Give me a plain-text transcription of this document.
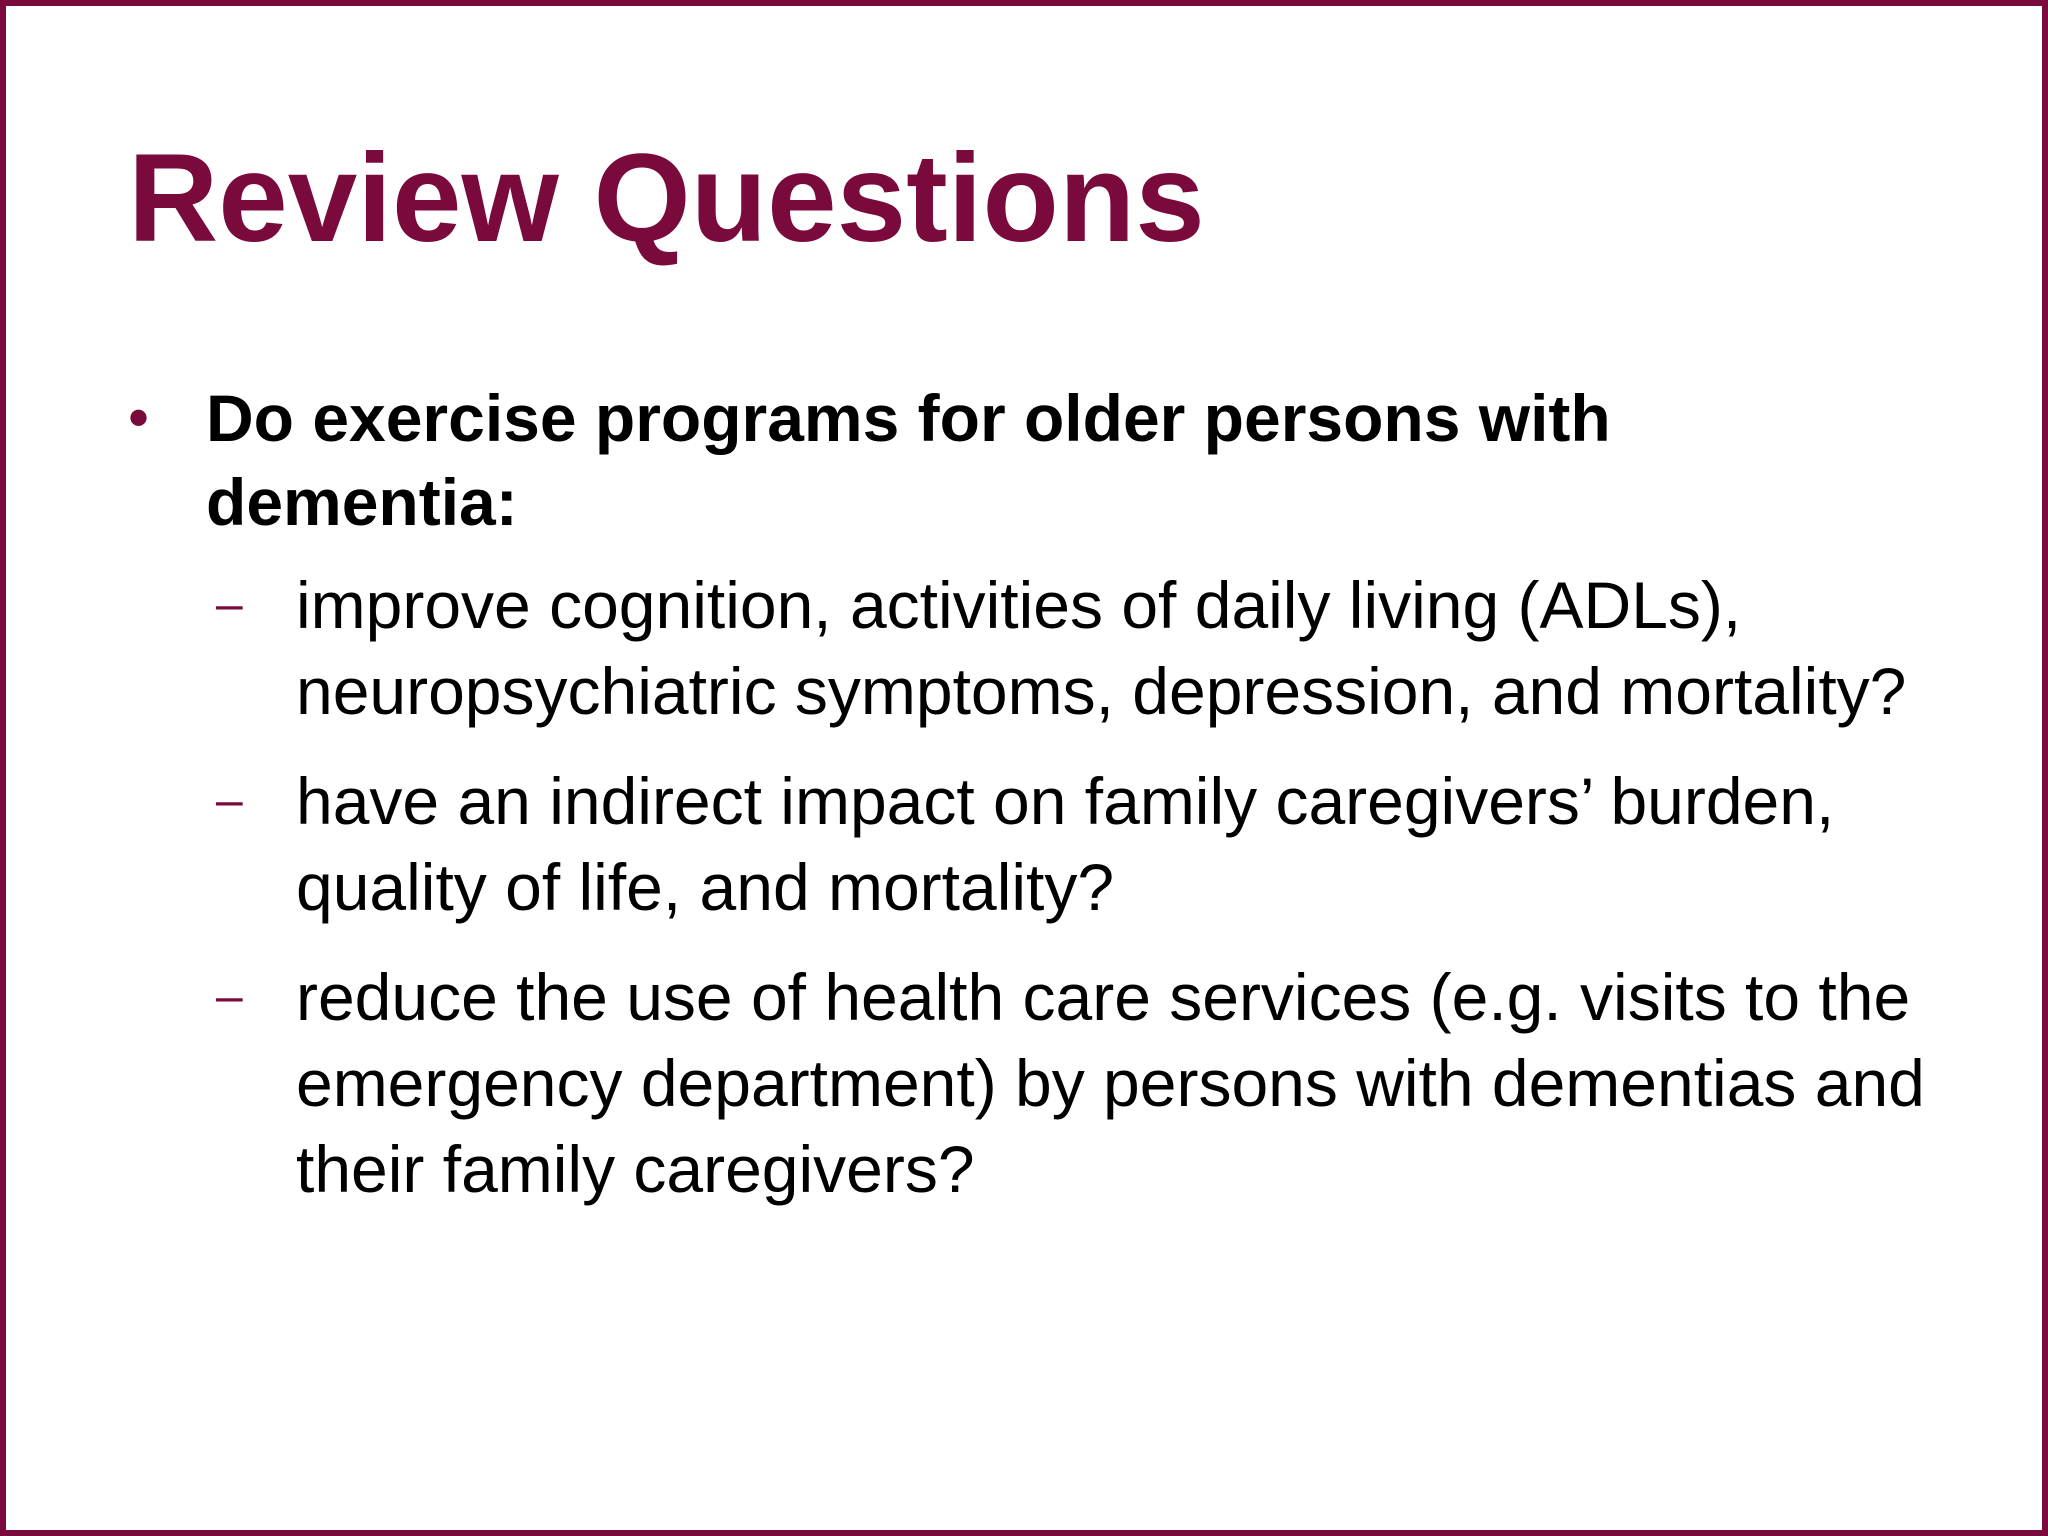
Review Questions
• Do exercise programs for older persons with dementia:
– improve cognition, activities of daily living (ADLs), neuropsychiatric symptoms, depression, and mortality?
– have an indirect impact on family caregivers’ burden, quality of life, and mortality?
– reduce the use of health care services (e.g. visits to the emergency department) by persons with dementias and their family caregivers?
